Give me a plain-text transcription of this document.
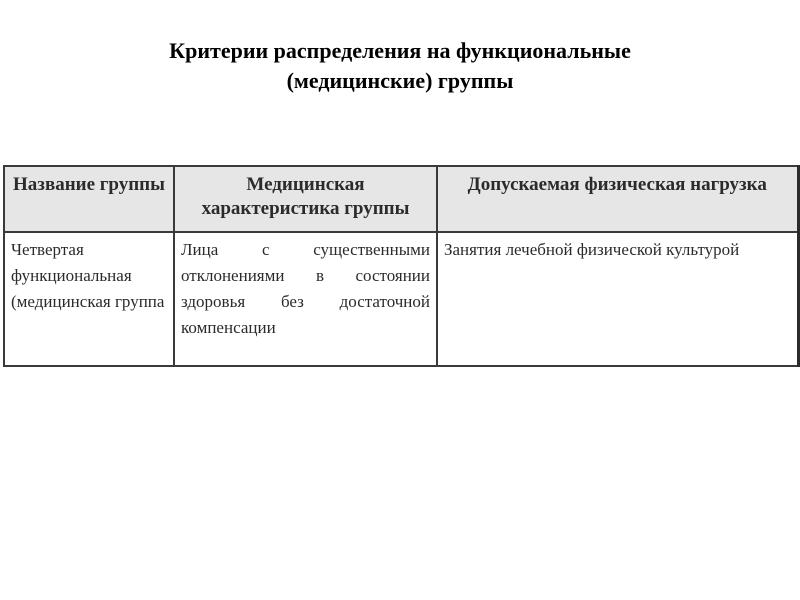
Критерии распределения на функциональные
(медицинские) группы
Название группы	Медицинская характеристика группы	Допускаемая физическая нагрузка
Четвертая функциональная (медицинская группа	Лица с существенными отклонениями в состоянии здоровья без достаточной компенсации	Занятия лечебной физической культурой
